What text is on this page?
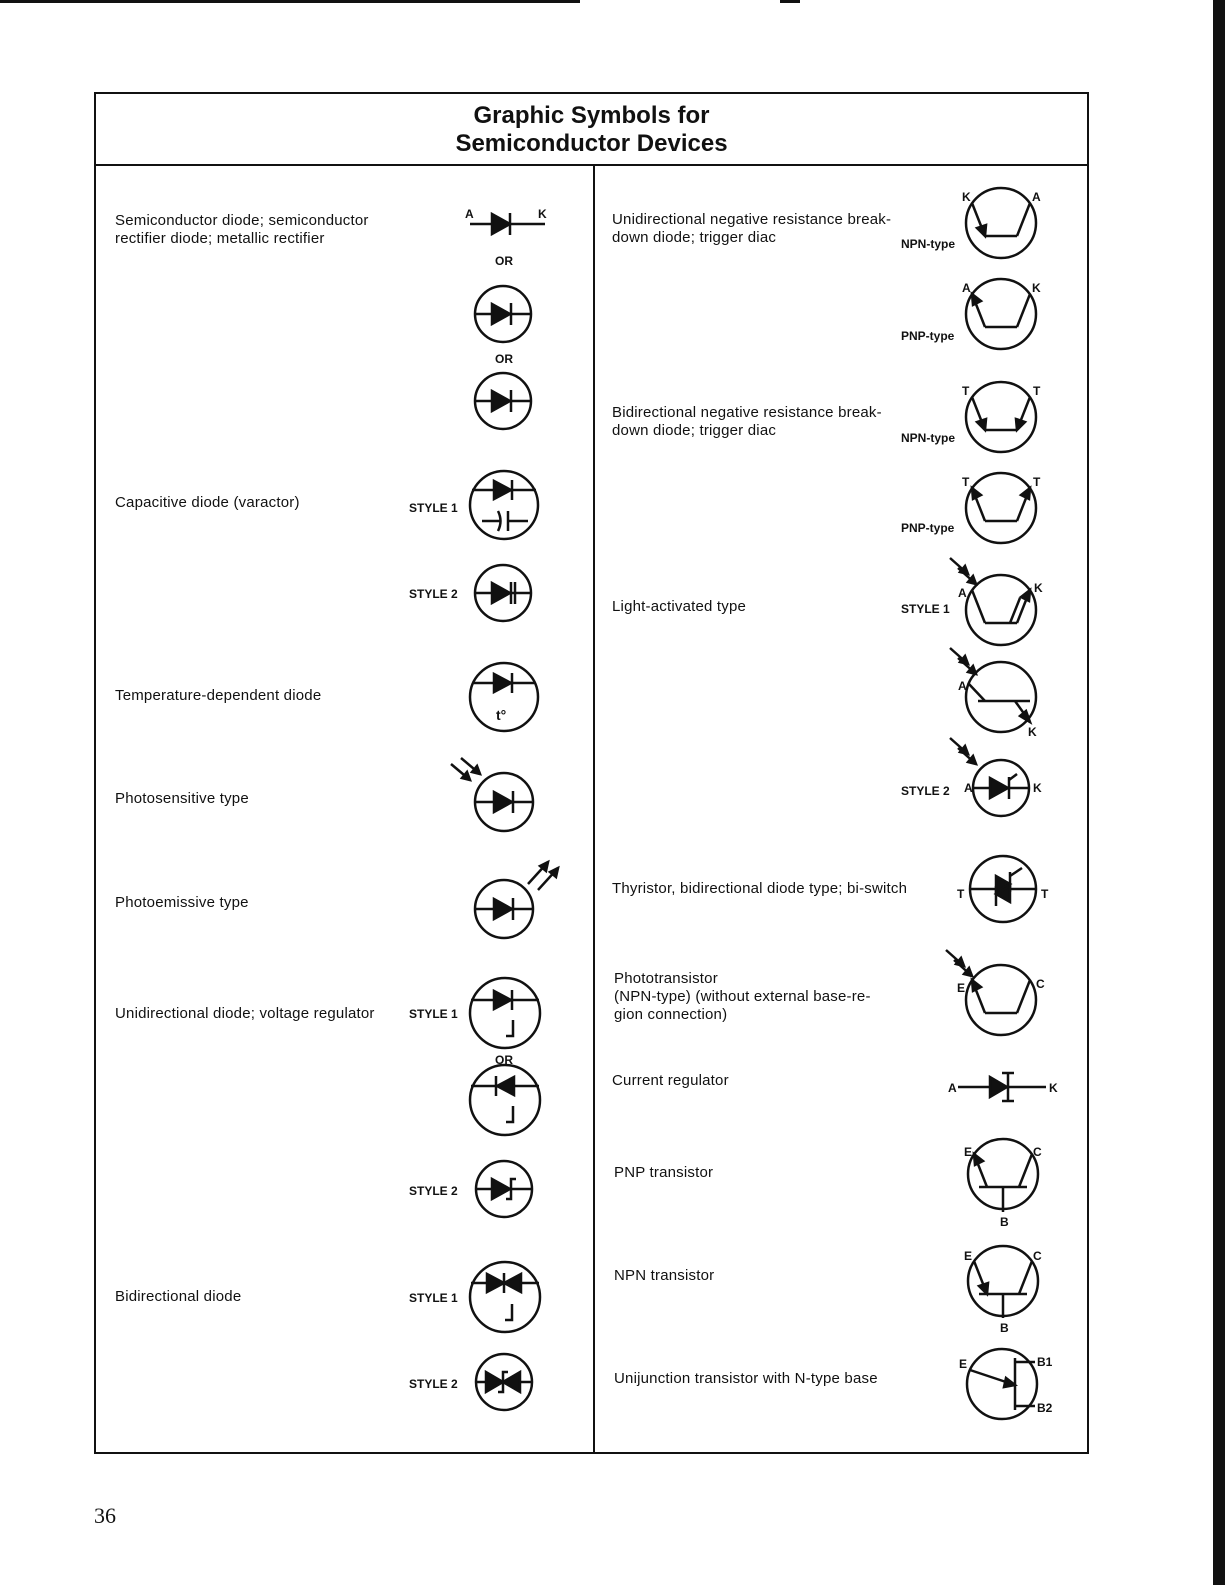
Graphic Symbols for
Semiconductor Devices
Semiconductor diode; semiconductor rectifier diode; metallic rectifier
Capacitive diode (varactor)
Temperature-dependent diode
Photosensitive type
Photoemissive type
Unidirectional diode; voltage regulator
Bidirectional diode
Unidirectional negative resistance break-
down diode; trigger diac
Bidirectional negative resistance break-
down diode; trigger diac
Light-activated type
Thyristor, bidirectional diode type; bi-switch
Phototransistor
(NPN-type) (without external base-re-
gion connection)
Current regulator
PNP transistor
NPN transistor
Unijunction transistor with N-type base
36
A	K
OR
OR
STYLE 1
STYLE 2
t°
STYLE 1
OR
STYLE 2
STYLE 1
STYLE 2
K	A
NPN-type
A	K
PNP-type
T	T
NPN-type
T	T
PNP-type
A	K
STYLE 1
A
K
A	K
STYLE 2
T	T
E	C
A	K
E	C
B
E	C
B
E	B1
B2
